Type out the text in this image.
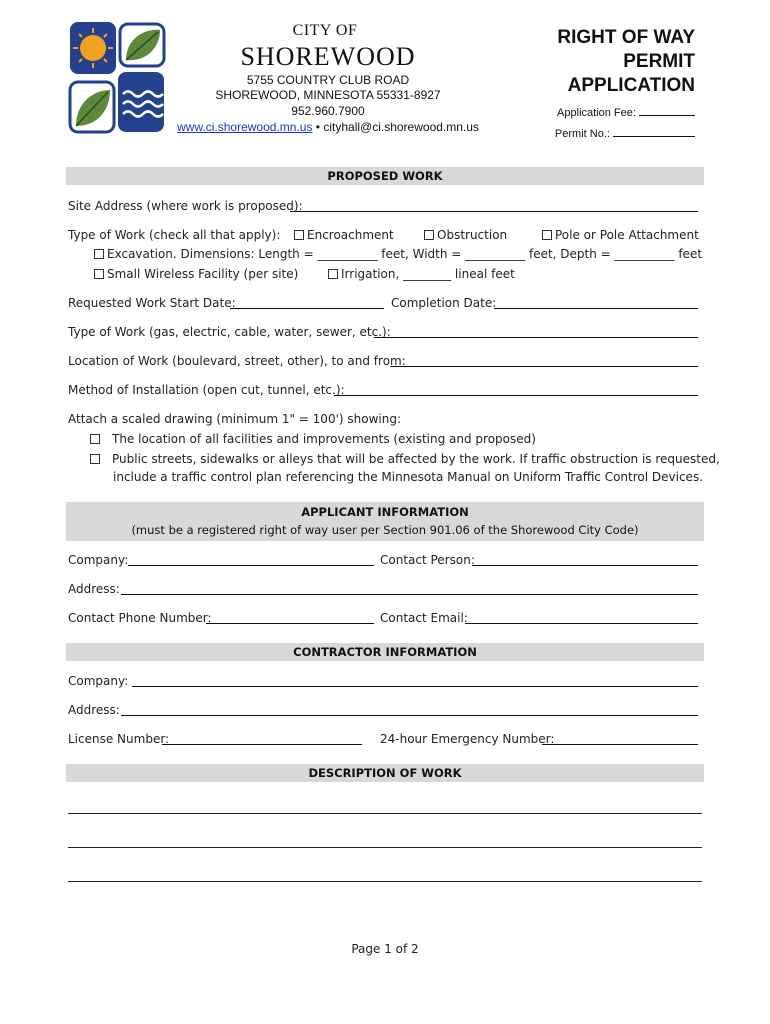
CITY OF
SHOREWOOD
5755 COUNTRY CLUB ROAD
SHOREWOOD, MINNESOTA 55331-8927
952.960.7900
www.ci.shorewood.mn.us • cityhall@ci.shorewood.mn.us
RIGHT OF WAY
PERMIT
APPLICATION
Application Fee:
Permit No.:
PROPOSED WORK
Site Address (where work is proposed):
Type of Work (check all that apply):	Encroachment	Obstruction	Pole or Pole Attachment
Excavation. Dimensions: Length = __________ feet, Width = __________ feet, Depth = __________ feet
Small Wireless Facility (per site)	Irrigation, ________ lineal feet
Requested Work Start Date:	Completion Date:
Type of Work (gas, electric, cable, water, sewer, etc.):
Location of Work (boulevard, street, other), to and from:
Method of Installation (open cut, tunnel, etc.):
Attach a scaled drawing (minimum 1" = 100') showing:
The location of all facilities and improvements (existing and proposed)
Public streets, sidewalks or alleys that will be affected by the work. If traffic obstruction is requested,
include a traffic control plan referencing the Minnesota Manual on Uniform Traffic Control Devices.
APPLICANT INFORMATION
(must be a registered right of way user per Section 901.06 of the Shorewood City Code)
Company:	Contact Person:
Address:
Contact Phone Number:	Contact Email:
CONTRACTOR INFORMATION
Company:
Address:
License Number:	24-hour Emergency Number:
DESCRIPTION OF WORK
Page 1 of 2
